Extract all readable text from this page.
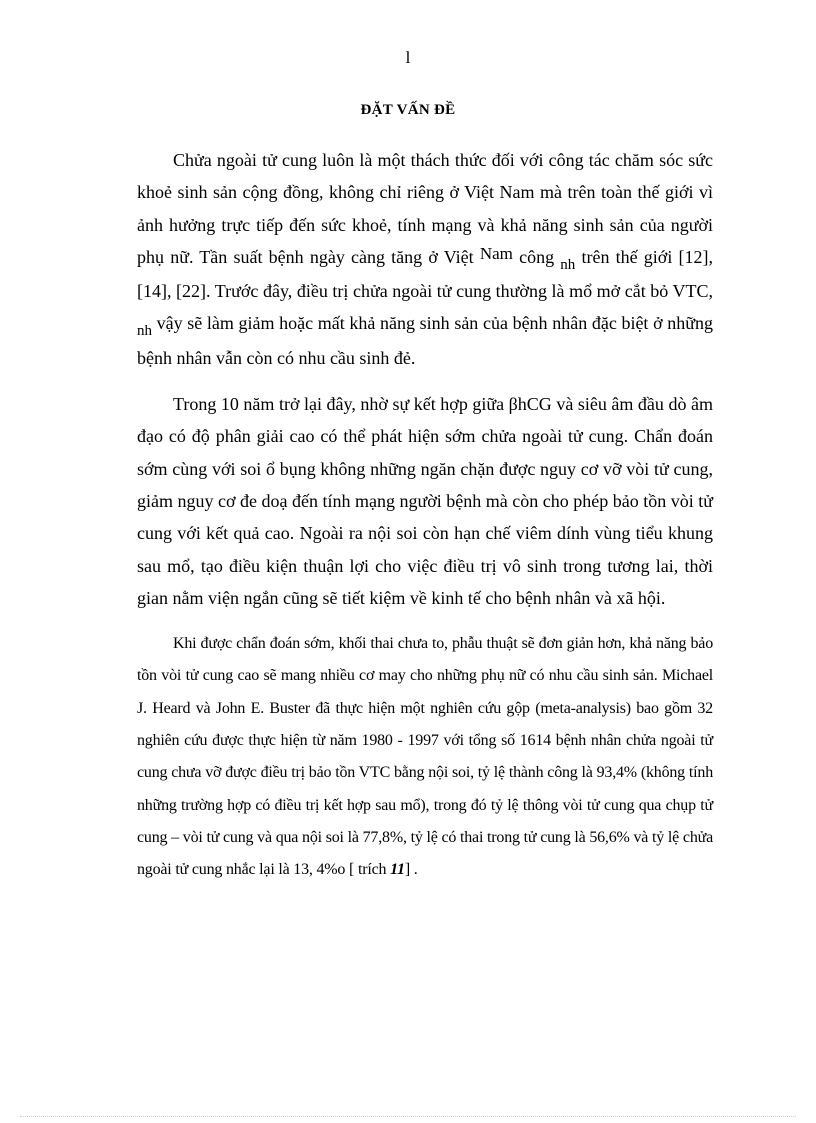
l
ĐẶT VẤN ĐỀ

Chửa ngoài tử cung luôn là một thách thức đối với công tác chăm sóc sức khoẻ sinh sản cộng đồng, không chỉ riêng ở Việt Nam mà trên toàn thế giới vì ảnh hưởng trực tiếp đến sức khoẻ, tính mạng và khả năng sinh sản của người phụ nữ. Tần suất bệnh ngày càng tăng ở Việt Nam công $_{nh}$ trên thế giới [12],[14], [22]. Trước đây, điều trị chửa ngoài tử cung thường là mổ mở cắt bỏ VTC, $_{nh}$ vậy sẽ làm giảm hoặc mất khả năng sinh sản của bệnh nhân đặc biệt ở những bệnh nhân vẫn còn có nhu cầu sinh đẻ.

Trong 10 năm trở lại đây, nhờ sự kết hợp giữa βhCG và siêu âm đầu dò âm đạo có độ phân giải cao có thể phát hiện sớm chửa ngoài tử cung. Chẩn đoán sớm cùng với soi ổ bụng không những ngăn chặn được nguy cơ vỡ vòi tử cung, giảm nguy cơ đe doạ đến tính mạng người bệnh mà còn cho phép bảo tồn vòi tử cung với kết quả cao. Ngoài ra nội soi còn hạn chế viêm dính vùng tiểu khung sau mổ, tạo điều kiện thuận lợi cho việc điều trị vô sinh trong tương lai, thời gian nằm viện ngắn cũng sẽ tiết kiệm về kinh tế cho bệnh nhân và xã hội.

Khi được chẩn đoán sớm, khối thai chưa to, phẫu thuật sẽ đơn giản hơn, khả năng bảo tồn vòi tử cung cao sẽ mang nhiều cơ may cho những phụ nữ có nhu cầu sinh sản. Michael J. Heard và John E. Buster đã thực hiện một nghiên cứu gộp (meta-analysis) bao gồm 32 nghiên cứu được thực hiện từ năm 1980 - 1997 với tổng số 1614 bệnh nhân chửa ngoài tử cung chưa vỡ được điều trị bảo tồn VTC bằng nội soi, tỷ lệ thành công là 93,4% (không tính những trường hợp có điều trị kết hợp sau mổ), trong đó tỷ lệ thông vòi tử cung qua chụp tử cung – vòi tử cung và qua nội soi là 77,8%, tỷ lệ có thai trong tử cung là 56,6% và tỷ lệ chửa ngoài tử cung nhắc lại là 13, 4%o [ trích 11] .
